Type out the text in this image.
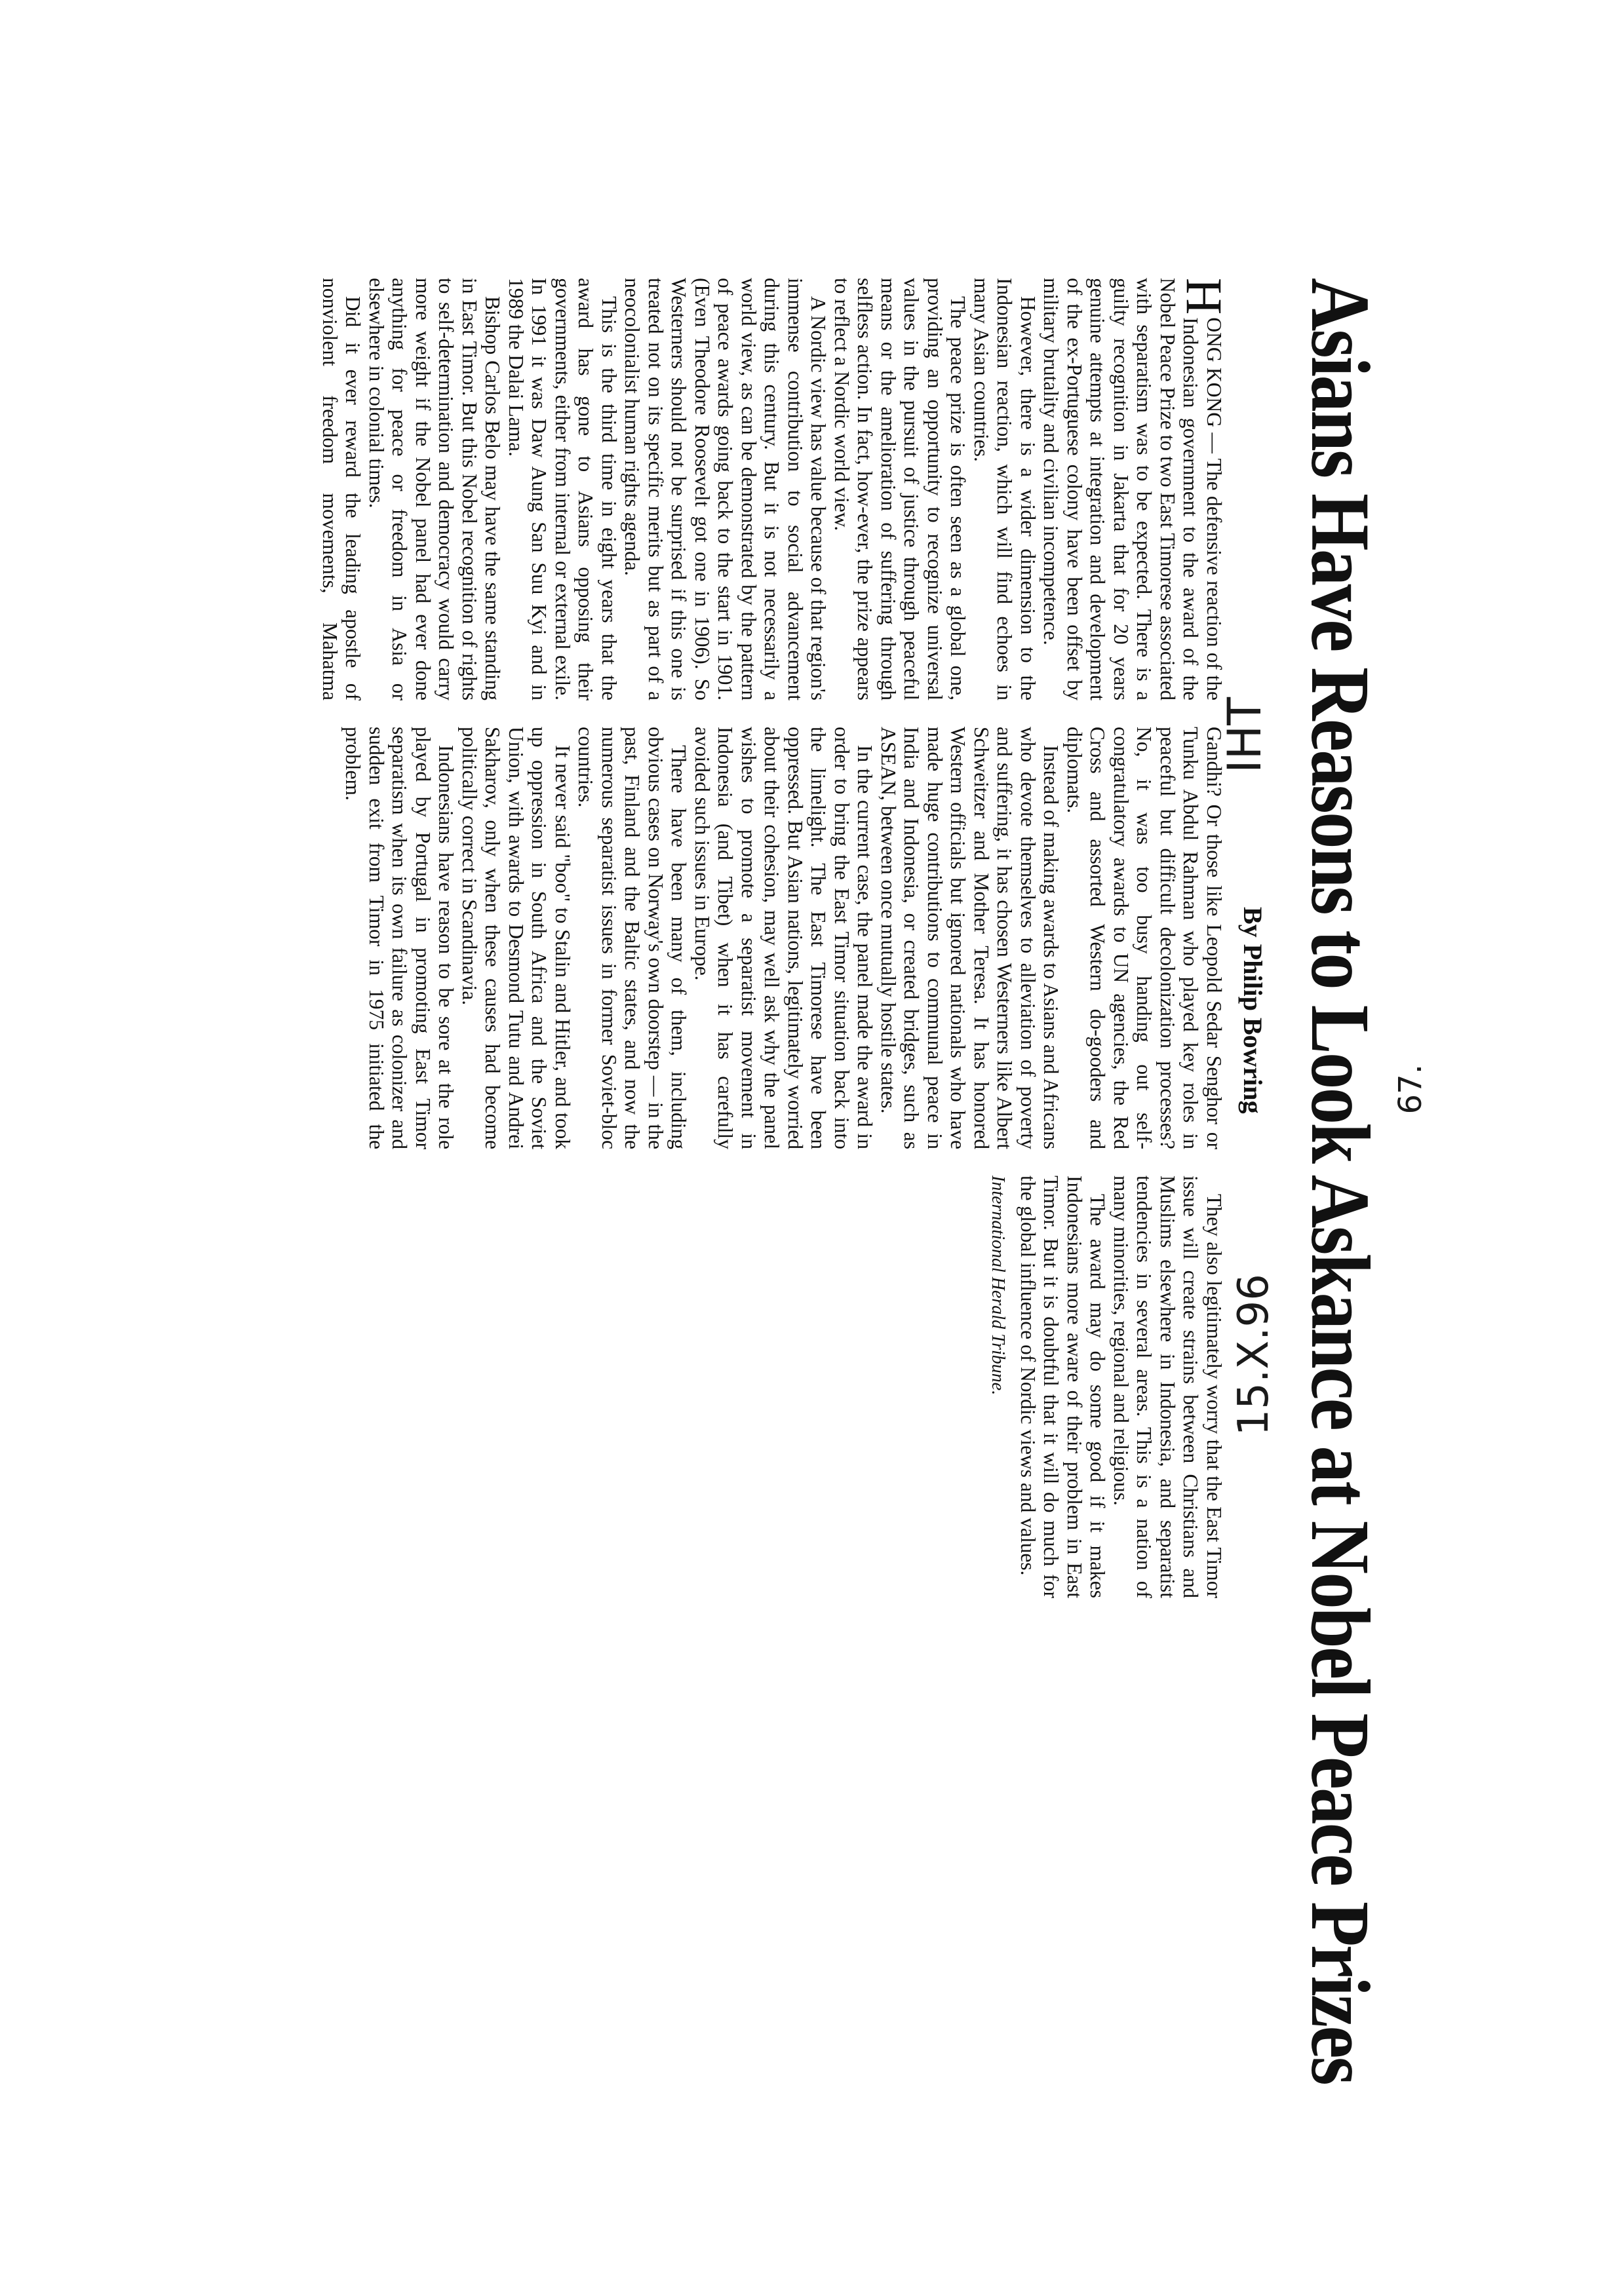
Asians Have Reasons to Look Askance at Nobel Peace Prizes 67.
IHT
15.X.96
By Philip Bowring

H
ONG KONG — The defensive reaction of the Indonesian government to the award of the Nobel Peace Prize to two East Timorese associated with separatism was to be expected. There is a guilty recognition in Jakarta that for 20 years genuine attempts at integration and development of the ex-Portuguese colony have been offset by military brutality and civilian incompetence.

However, there is a wider dimension to the Indonesian reaction, which will find echoes in many Asian countries.

The peace prize is often seen as a global one, providing an opportunity to recognize universal values in the pursuit of justice through peaceful means or the amelioration of suffering through selfless action. In fact, how-ever, the prize appears to reflect a Nordic world view.

A Nordic view has value because of that region's immense contribution to social advancement during this century. But it is not necessarily a world view, as can be demonstrated by the pattern of peace awards going back to the start in 1901. (Even Theodore Roosevelt got one in 1906). So Westerners should not be surprised if this one is treated not on its specific merits but as part of a neocolonialist human rights agenda.

This is the third time in eight years that the award has gone to Asians opposing their governments, either from internal or external exile. In 1991 it was Daw Aung San Suu Kyi and in 1989 the Dalai Lama.

Bishop Carlos Belo may have the same standing in East Timor. But this Nobel recognition of rights to self-determination and democracy would carry more weight if the Nobel panel had ever done anything for peace or freedom in Asia or elsewhere in colonial times.

Did it ever reward the leading apostle of nonviolent freedom movements, Mahatma Gandhi? Or those like Leopold Sedar Senghor or Tunku Abdul Rahman who played key roles in peaceful but difficult decolonization processes? No, it was too busy handing out self-congratulatory awards to UN agencies, the Red Cross and assorted Western do-gooders and diplomats.

Instead of making awards to Asians and Africans who devote themselves to alleviation of poverty and suffering, it has chosen Westerners like Albert Schweitzer and Mother Teresa. It has honored Western officials but ignored nationals who have made huge contributions to communal peace in India and Indonesia, or created bridges, such as ASEAN, between once mutually hostile states.

In the current case, the panel made the award in order to bring the East Timor situation back into the limelight. The East Timorese have been oppressed. But Asian nations, legitimately worried about their cohesion, may well ask why the panel wishes to promote a separatist movement in Indonesia (and Tibet) when it has carefully avoided such issues in Europe.

There have been many of them, including obvious cases on Norway's own doorstep — in the past, Finland and the Baltic states, and now the numerous separatist issues in former Soviet-bloc countries.

It never said "boo" to Stalin and Hitler, and took up oppression in South Africa and the Soviet Union, with awards to Desmond Tutu and Andrei Sakharov, only when these causes had become politically correct in Scandinavia.

Indonesians have reason to be sore at the role played by Portugal in promoting East Timor separatism when its own failure as colonizer and sudden exit from Timor in 1975 initiated the problem.

They also legitimately worry that the East Timor issue will create strains between Christians and Muslims elsewhere in Indonesia, and separatist tendencies in several areas. This is a nation of many minorities, regional and religious.

The award may do some good if it makes Indonesians more aware of their problem in East Timor. But it is doubtful that it will do much for the global influence of Nordic views and values.

International Herald Tribune.
